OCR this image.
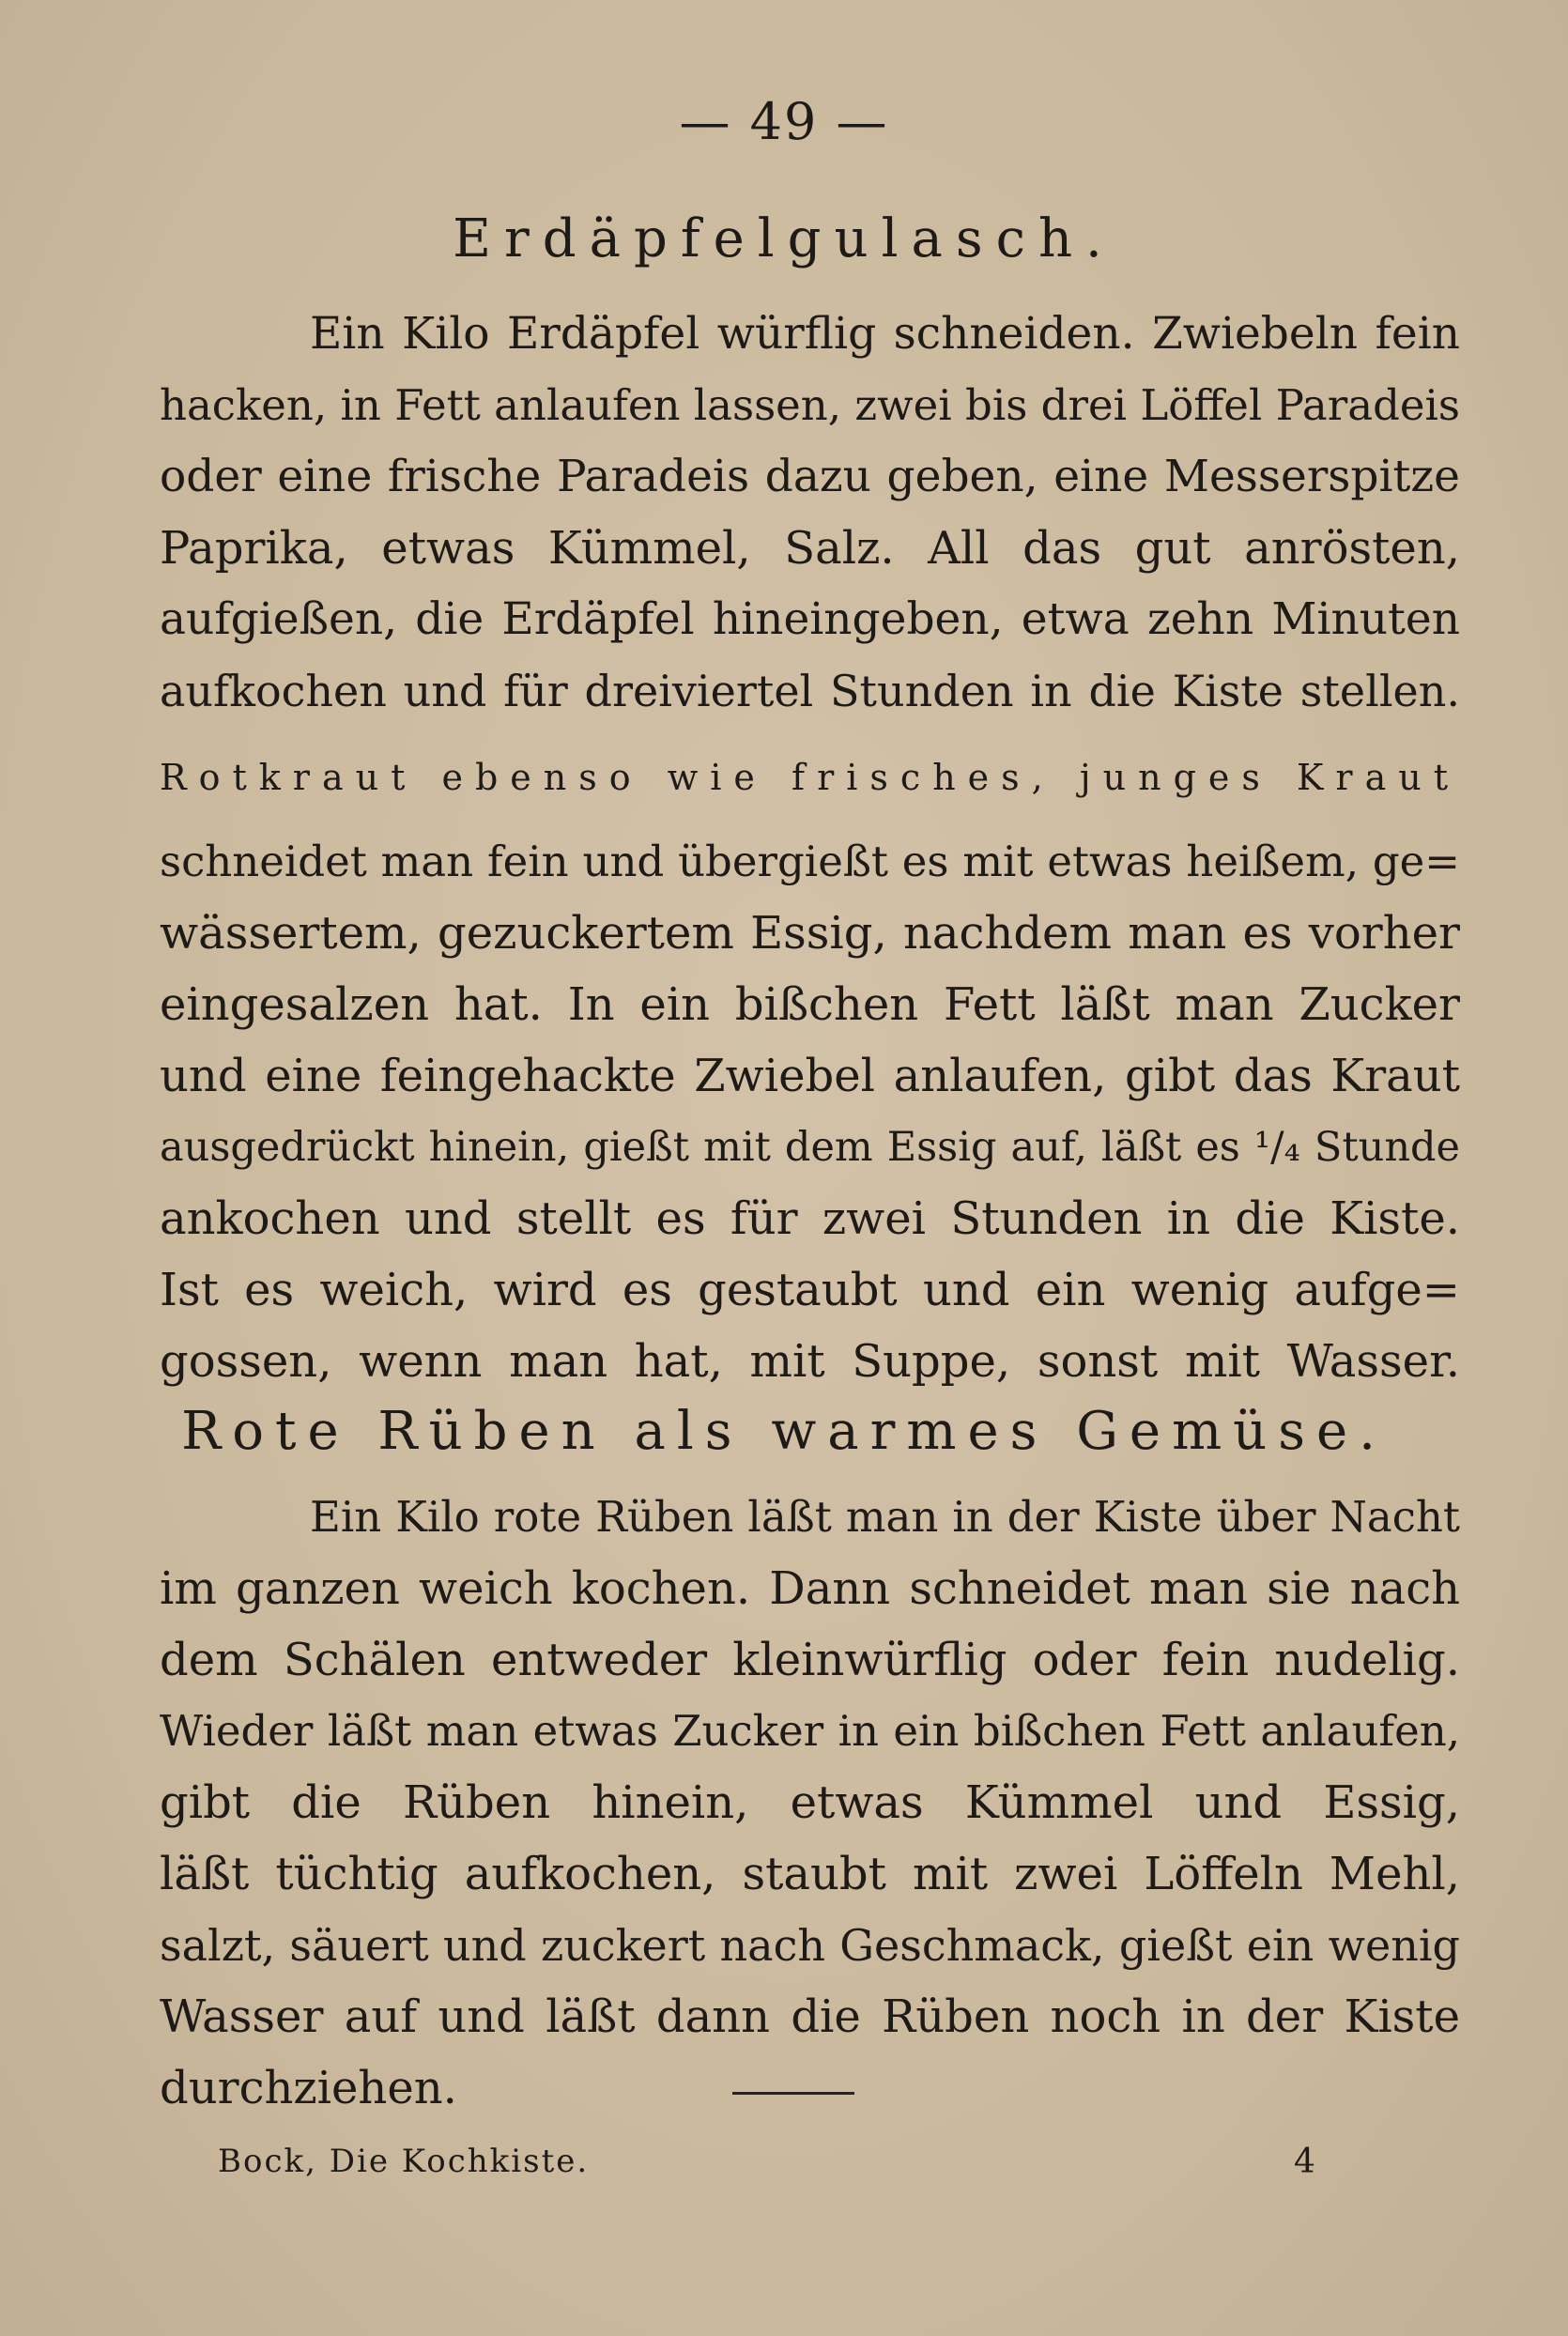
— 49 —
Erdäpfelgulasch.
Ein Kilo Erdäpfel würflig schneiden. Zwiebeln fein
hacken, in Fett anlaufen lassen, zwei bis drei Löffel Paradeis
oder eine frische Paradeis dazu geben, eine Messerspitze
Paprika, etwas Kümmel, Salz. All das gut anrösten,
aufgießen, die Erdäpfel hineingeben, etwa zehn Minuten
aufkochen und für dreiviertel Stunden in die Kiste stellen.
Rotkraut ebenso wie frisches, junges Kraut
schneidet man fein und übergießt es mit etwas heißem, ge=
wässertem, gezuckertem Essig, nachdem man es vorher
eingesalzen hat. In ein bißchen Fett läßt man Zucker
und eine feingehackte Zwiebel anlaufen, gibt das Kraut
ausgedrückt hinein, gießt mit dem Essig auf, läßt es ¹/₄ Stunde
ankochen und stellt es für zwei Stunden in die Kiste.
Ist es weich, wird es gestaubt und ein wenig aufge=
gossen, wenn man hat, mit Suppe, sonst mit Wasser.
Rote Rüben als warmes Gemüse.
Ein Kilo rote Rüben läßt man in der Kiste über Nacht
im ganzen weich kochen. Dann schneidet man sie nach
dem Schälen entweder kleinwürflig oder fein nudelig.
Wieder läßt man etwas Zucker in ein bißchen Fett anlaufen,
gibt die Rüben hinein, etwas Kümmel und Essig,
läßt tüchtig aufkochen, staubt mit zwei Löffeln Mehl,
salzt, säuert und zuckert nach Geschmack, gießt ein wenig
Wasser auf und läßt dann die Rüben noch in der Kiste
durchziehen.
Bock, Die Kochkiste.	4
